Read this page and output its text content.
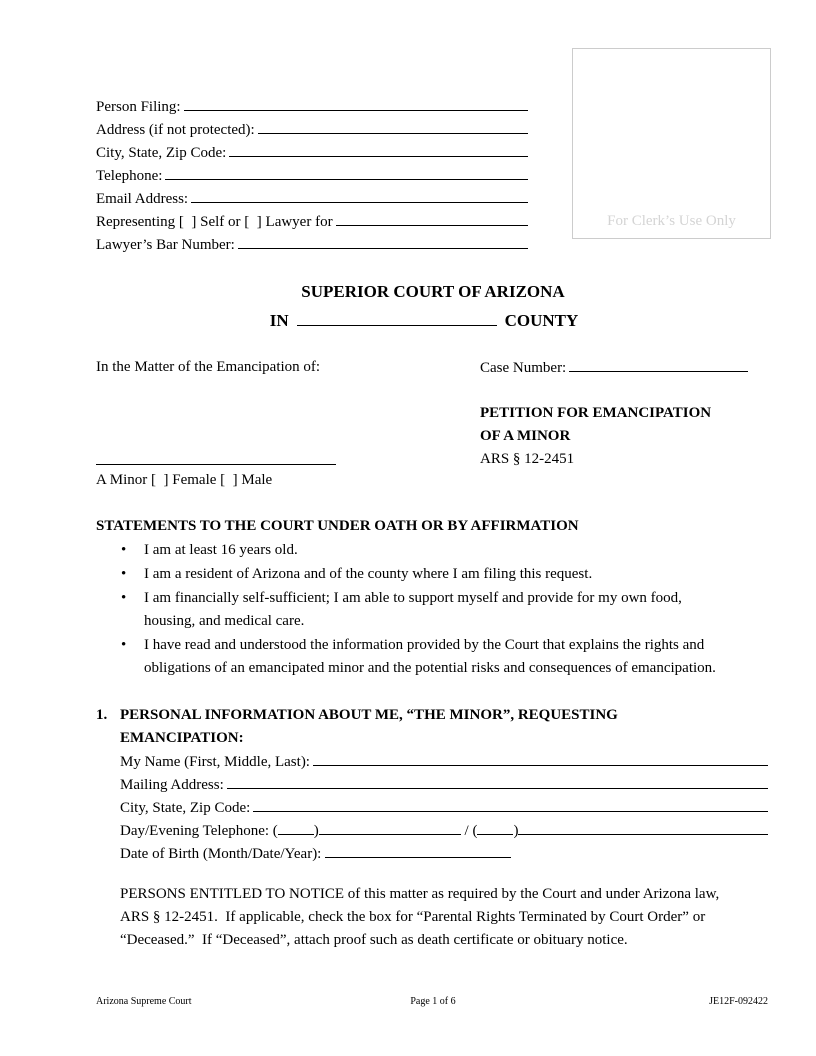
Person Filing:
Address (if not protected):
City, State, Zip Code:
Telephone:
Email Address:
Representing [  ] Self or [  ] Lawyer for
Lawyer’s Bar Number:
For Clerk’s Use Only
SUPERIOR COURT OF ARIZONA
IN	COUNTY
In the Matter of the Emancipation of:	Case Number:
PETITION FOR EMANCIPATION
OF A MINOR
ARS § 12-2451
A Minor [  ] Female [  ] Male
STATEMENTS TO THE COURT UNDER OATH OR BY AFFIRMATION
•	I am at least 16 years old.
•	I am a resident of Arizona and of the county where I am filing this request.
•	I am financially self-sufficient; I am able to support myself and provide for my own food,
housing, and medical care.
•	I have read and understood the information provided by the Court that explains the rights and
obligations of an emancipated minor and the potential risks and consequences of emancipation.
1. PERSONAL INFORMATION ABOUT ME, “THE MINOR”, REQUESTING
EMANCIPATION:
My Name (First, Middle, Last):
Mailing Address:
City, State, Zip Code:
Day/Evening Telephone: ( )	/ ( )
Date of Birth (Month/Date/Year):
PERSONS ENTITLED TO NOTICE of this matter as required by the Court and under Arizona law,
ARS § 12-2451.  If applicable, check the box for “Parental Rights Terminated by Court Order” or
“Deceased.”  If “Deceased”, attach proof such as death certificate or obituary notice.
Arizona Supreme Court	Page 1 of 6	JE12F-092422
